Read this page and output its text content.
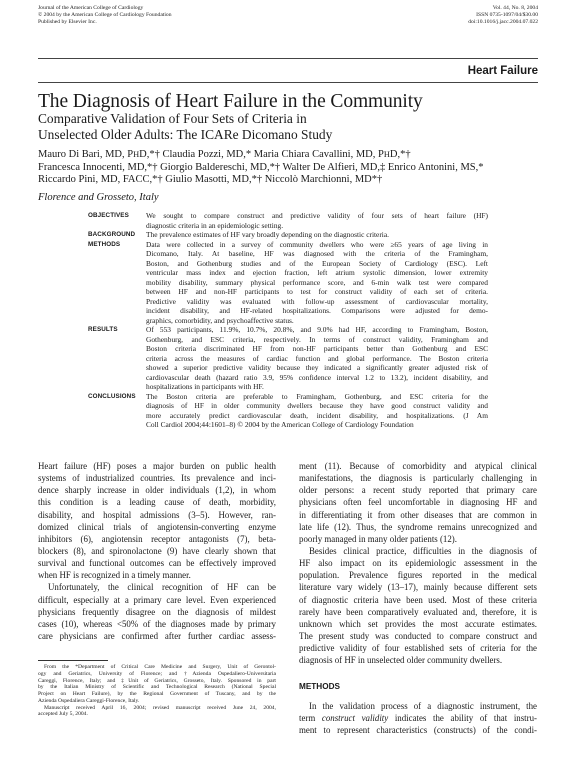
Journal of the American College of Cardiology
© 2004 by the American College of Cardiology Foundation
Published by Elsevier Inc.
Vol. 44, No. 8, 2004
ISSN 0735-1097/04/$30.00
doi:10.1016/j.jacc.2004.07.022
Heart Failure
The Diagnosis of Heart Failure in the Community
Comparative Validation of Four Sets of Criteria in
Unselected Older Adults: The ICARe Dicomano Study
Mauro Di Bari, MD, PHD,*† Claudia Pozzi, MD,* Maria Chiara Cavallini, MD, PHD,*†
Francesca Innocenti, MD,*† Giorgio Baldereschi, MD,*† Walter De Alfieri, MD,‡ Enrico Antonini, MS,*
Riccardo Pini, MD, FACC,*† Giulio Masotti, MD,*† Niccolò Marchionni, MD*†
Florence and Grosseto, Italy
OBJECTIVES We sought to compare construct and predictive validity of four sets of heart failure (HF)
diagnostic criteria in an epidemiologic setting.
BACKGROUND The prevalence estimates of HF vary broadly depending on the diagnostic criteria.
METHODS	Data were collected in a survey of community dwellers who were ≥65 years of age living in
Dicomano, Italy. At baseline, HF was diagnosed with the criteria of the Framingham,
Boston, and Gothenburg studies and of the European Society of Cardiology (ESC). Left
ventricular mass index and ejection fraction, left atrium systolic dimension, lower extremity
mobility disability, summary physical performance score, and 6-min walk test were compared
between HF and non-HF participants to test for construct validity of each set of criteria.
Predictive validity was evaluated with follow-up assessment of cardiovascular mortality,
incident disability, and HF-related hospitalizations. Comparisons were adjusted for demo-
graphics, comorbidity, and psychoaffective status.
RESULTS	Of 553 participants, 11.9%, 10.7%, 20.8%, and 9.0% had HF, according to Framingham, Boston,
Gothenburg, and ESC criteria, respectively. In terms of construct validity, Framingham and
Boston criteria discriminated HF from non-HF participants better than Gothenburg and ESC
criteria across the measures of cardiac function and global performance. The Boston criteria
showed a superior predictive validity because they indicated a significantly greater adjusted risk of
cardiovascular death (hazard ratio 3.9, 95% confidence interval 1.2 to 13.2), incident disability, and
hospitalizations in participants with HF.
CONCLUSIONS The Boston criteria are preferable to Framingham, Gothenburg, and ESC criteria for the
diagnosis of HF in older community dwellers because they have good construct validity and
more accurately predict cardiovascular death, incident disability, and hospitalizations. (J Am
Coll Cardiol 2004;44:1601–8) © 2004 by the American College of Cardiology Foundation
Heart failure (HF) poses a major burden on public health
systems of industrialized countries. Its prevalence and inci-
dence sharply increase in older individuals (1,2), in whom
this condition is a leading cause of death, morbidity,
disability, and hospital admissions (3–5). However, ran-
domized clinical trials of angiotensin-converting enzyme
inhibitors (6), angiotensin receptor antagonists (7), beta-
blockers (8), and spironolactone (9) have clearly shown that
survival and functional outcomes can be effectively improved
when HF is recognized in a timely manner.
Unfortunately, the clinical recognition of HF can be
difficult, especially at a primary care level. Even experienced
physicians frequently disagree on the diagnosis of mildest
cases (10), whereas <50% of the diagnoses made by primary
care physicians are confirmed after further cardiac assess-
ment (11). Because of comorbidity and atypical clinical
manifestations, the diagnosis is particularly challenging in
older persons: a recent study reported that primary care
physicians often feel uncomfortable in diagnosing HF and
in differentiating it from other diseases that are common in
late life (12). Thus, the syndrome remains unrecognized and
poorly managed in many older patients (12).
Besides clinical practice, difficulties in the diagnosis of
HF also impact on its epidemiologic assessment in the
population. Prevalence figures reported in the medical
literature vary widely (13–17), mainly because different sets
of diagnostic criteria have been used. Most of these criteria
rarely have been comparatively evaluated and, therefore, it is
unknown which set provides the most accurate estimates.
The present study was conducted to compare construct and
predictive validity of four established sets of criteria for the
diagnosis of HF in unselected older community dwellers.
From the *Department of Critical Care Medicine and Surgery, Unit of Gerontol-
ogy and Geriatrics, University of Florence; and †Azienda Ospedaliero-Universitaria
Careggi, Florence, Italy; and ‡Unit of Geriatrics, Grosseto, Italy. Sponsored in part
by the Italian Ministry of Scientific and Technological Research (National Special
Project on Heart Failure), by the Regional Government of Tuscany, and by the
Azienda Ospedaliera Careggi-Florence, Italy.
Manuscript received April 16, 2004; revised manuscript received June 24, 2004,
accepted July 5, 2004.
METHODS
In the validation process of a diagnostic instrument, the
term construct validity indicates the ability of that instru-
ment to represent characteristics (constructs) of the condi-
